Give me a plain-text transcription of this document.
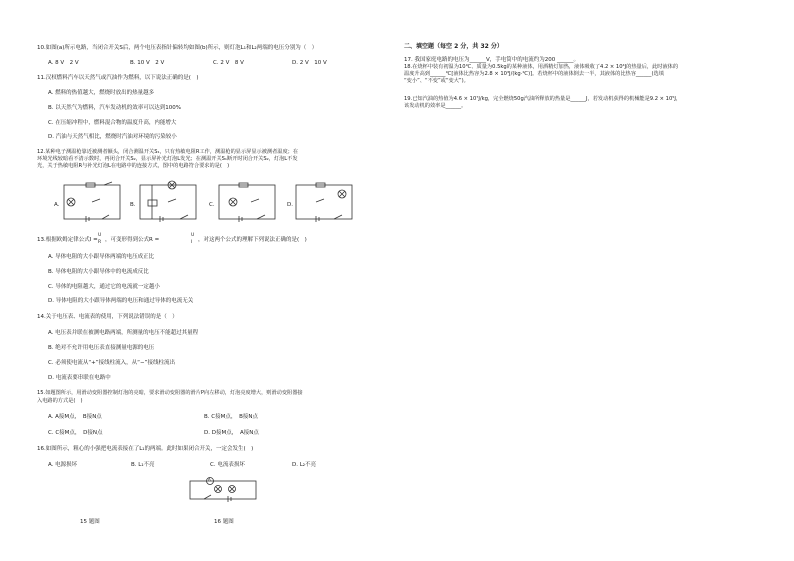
10.如图(a)所示电路，当闭合开关S后，两个电压表指针偏转均如图(b)所示，则灯泡L₁和L₂两端的电压分别为（　）
A. 8 V　2 V	B. 10 V　2 V	C. 2 V　8 V	D. 2 V　10 V
11.汉权燃料汽车以天然气或汽油作为燃料，以下说法正确的是(　)
A. 燃料的热值越大，燃烧时放出的热量越多
B. 以天然气为燃料，汽车发动机的效率可以达到100%
C. 在压缩冲程中，燃料混合物的温度升高，内能增大
D. 汽油与天然气相比，燃烧时汽油对环境的污染较小
12.某种电子测温枪靠近被测者额头，闭合测温开关S₁，只有热敏电阻R工作，测温枪的显示屏显示被测者温度；在
环境光线较暗看不清示数时，再闭合开关S₂，显示屏补光灯泡L发光；在测温开关S₁断开时闭合开关S₂，灯泡L不发
光，关于热敏电阻R与补光灯泡L在电路中的连接方式，图中的电路符合要求的是(　)
A.	B.	C.	D.
13.根据欧姆定律公式I =
U
R ，可变形得到公式R =
U
I ，对这两个公式的理解下列说法正确的是(　)
A. 导体电阻的大小跟导体两端的电压成正比
B. 导体电阻的大小跟导体中的电流成反比
C. 导体的电阻越大，通过它的电流就一定越小
D. 导体电阻的大小跟导体两端的电压和通过导体的电流无关
14.关于电压表、电流表的使用，下列说法错误的是（　）
A. 电压表并联在被测电路两端，所测量的电压不能超过其量程
B. 绝对不允许用电压表直接测量电源的电压
C. 必须使电流从“+”接线柱流入，从“−”接线柱流出
D. 电流表要串联在电路中
15.如题图所示，用滑动变阻器控制灯泡的亮暗，要求滑动变阻器的滑片P向左移动，灯泡亮度增大，则滑动变阻器接
入电路的方式是(　)
A. A接M点，　B接N点	B. C接M点，　B接N点
C. C接M点，　D接N点	D. D接M点，　A接N点
16.如图所示，粗心的小强把电流表接在了L₁的两端。此时如果闭合开关，一定会发生(　)
A. 电源损坏	B. L₁不亮	C. 电流表损坏	D. L₂不亮
A
15 题图	16 题图
二、填空题（每空 2 分，共 32 分）
17. 我国家庭电路的电压为______V，手电筒中的电流约为200 ______。
18.在烧杯中装有初温为10℃、质量为0.5kg的某种液体，用酒精灯加热，液体吸收了4.2 × 10⁴J的热量后，此时液体的
温度升高到______℃[液体比热容为2.8 × 10³J/(kg·℃)]。若烧杯中的液体倒去一半，其液体的比热容______(选填
“变小”、“不变”或“变大”)。
19.已知汽油的热值为4.6 × 10⁷J/kg，完全燃烧50g汽油所释放的热量是______J，若发动机获得的机械能是9.2 × 10⁵J，
该发动机的效率是______。
